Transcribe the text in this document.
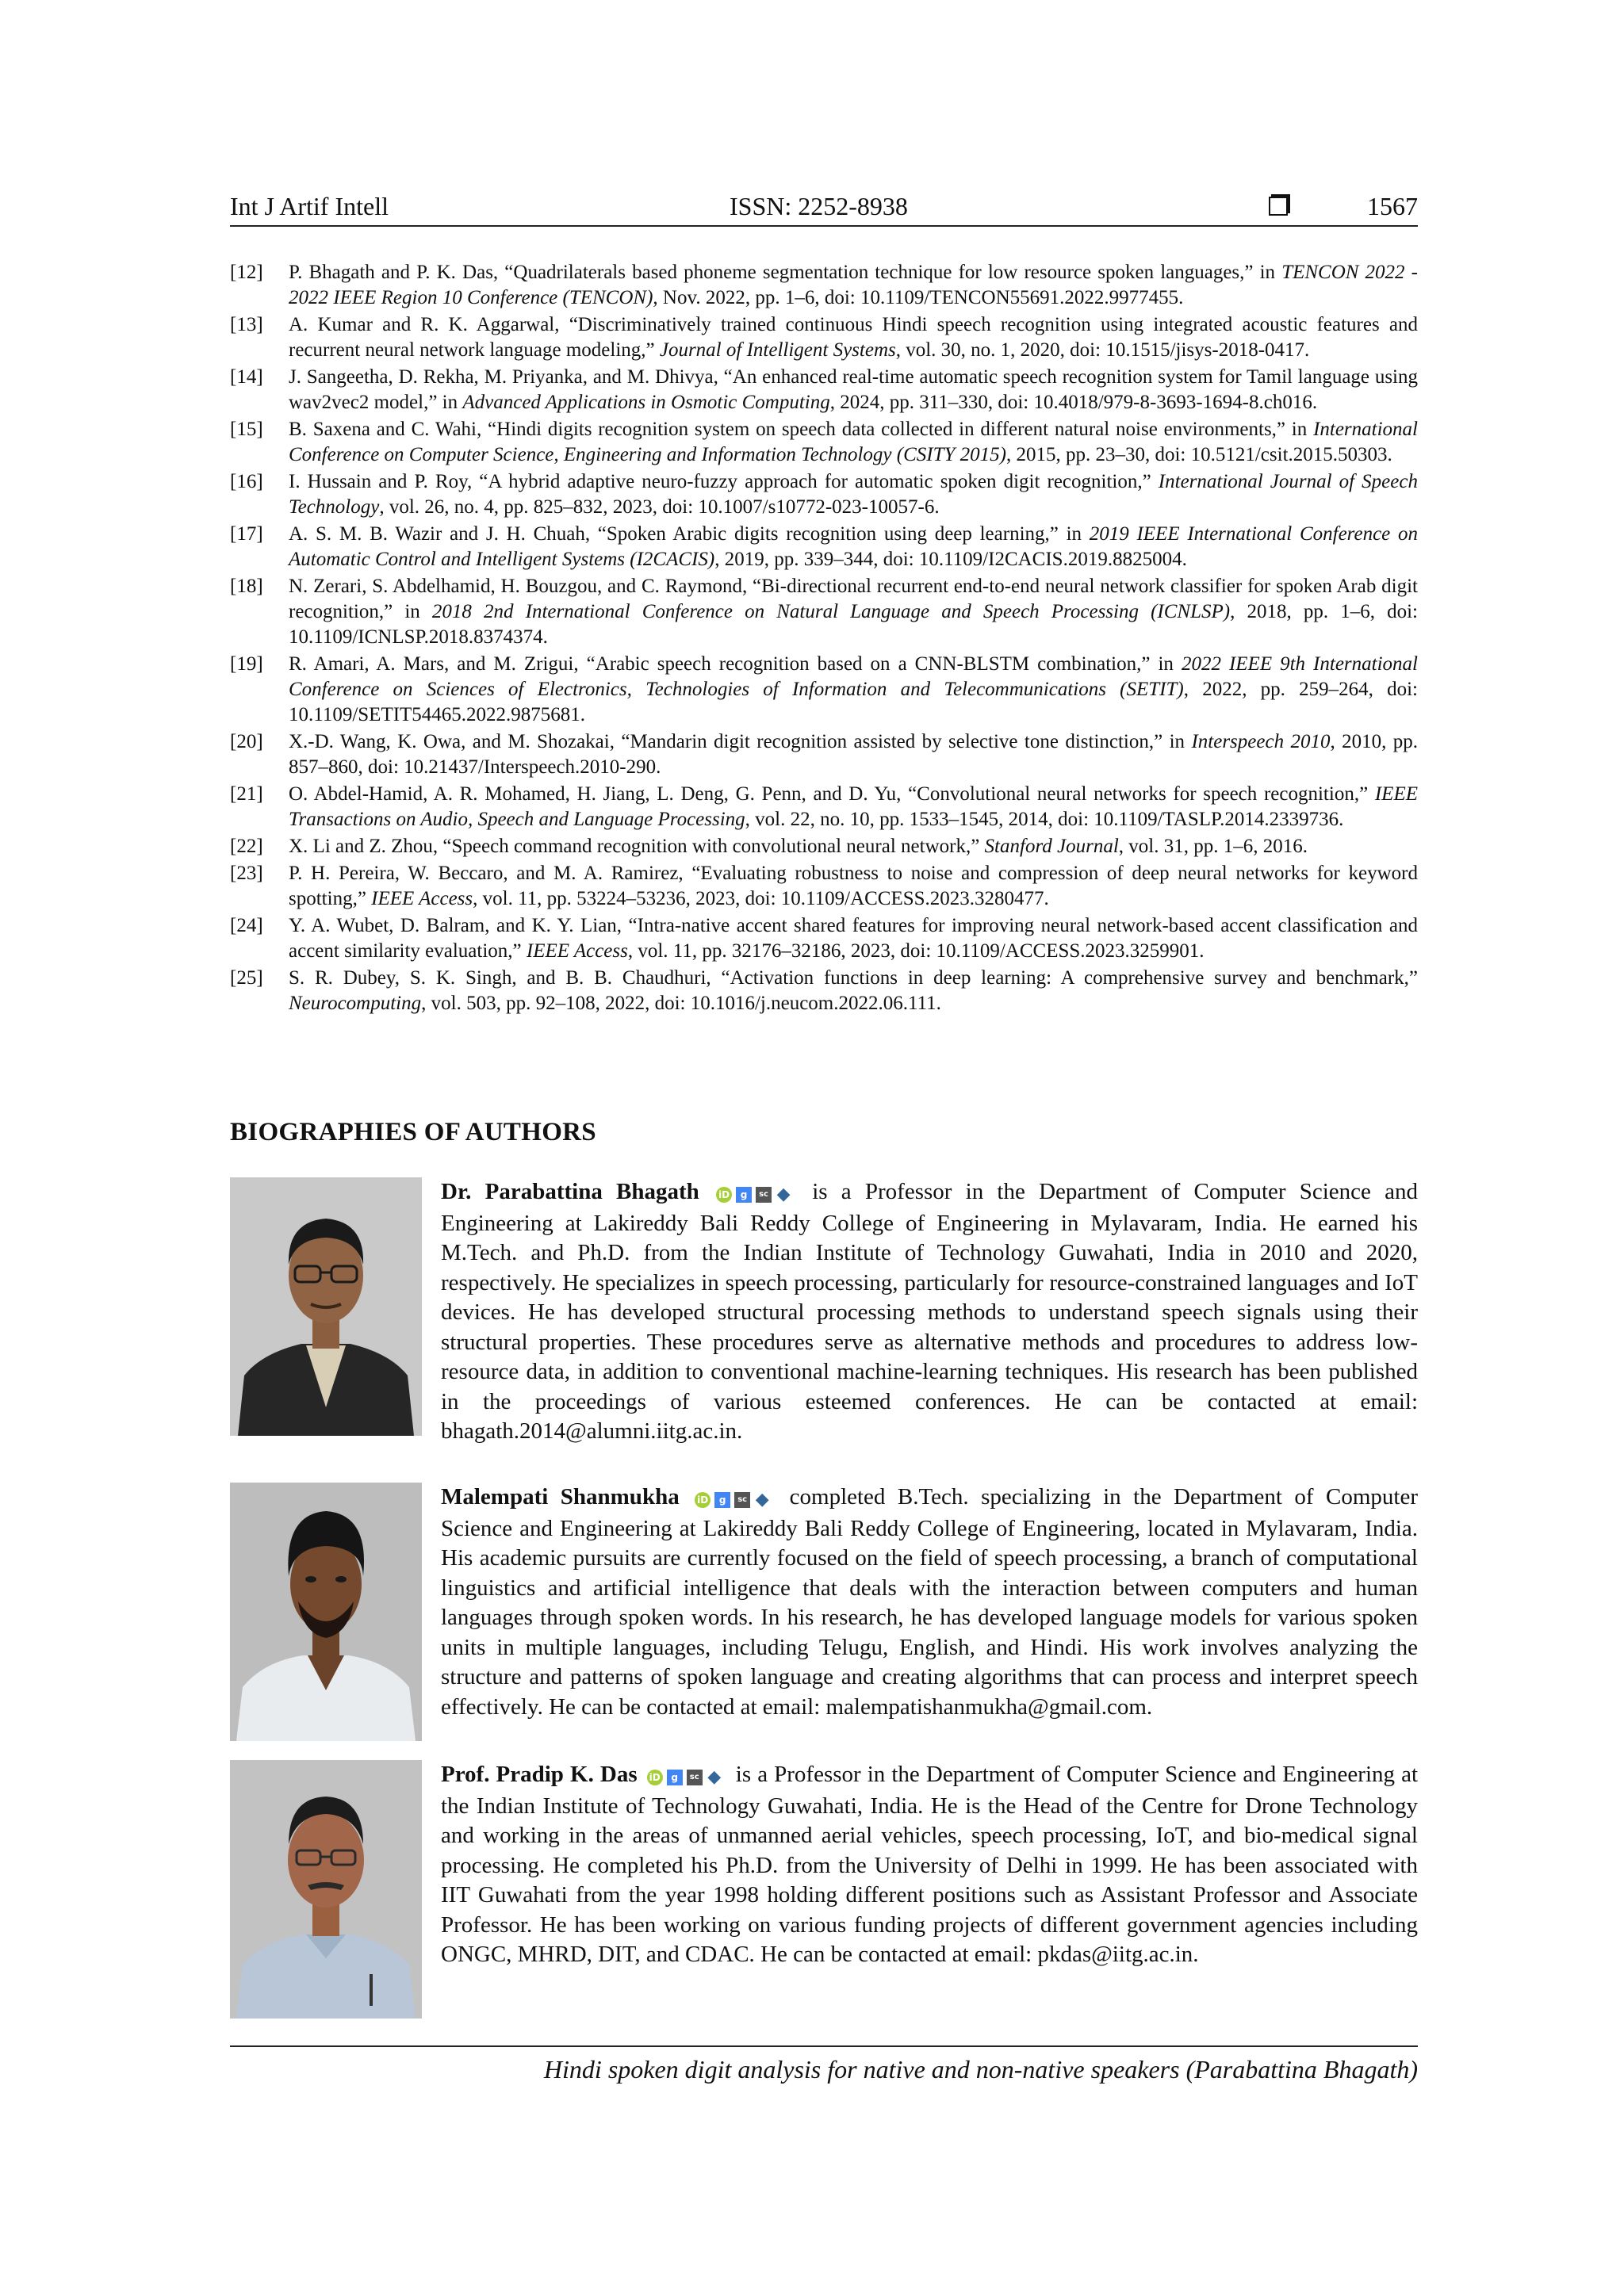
Int J Artif Intell	ISSN: 2252-8938	1567
[12] P. Bhagath and P. K. Das, “Quadrilaterals based phoneme segmentation technique for low resource spoken languages,” in TENCON 2022 - 2022 IEEE Region 10 Conference (TENCON), Nov. 2022, pp. 1–6, doi: 10.1109/TENCON55691.2022.9977455.
[13] A. Kumar and R. K. Aggarwal, “Discriminatively trained continuous Hindi speech recognition using integrated acoustic features and recurrent neural network language modeling,” Journal of Intelligent Systems, vol. 30, no. 1, 2020, doi: 10.1515/jisys-2018-0417.
[14] J. Sangeetha, D. Rekha, M. Priyanka, and M. Dhivya, “An enhanced real-time automatic speech recognition system for Tamil language using wav2vec2 model,” in Advanced Applications in Osmotic Computing, 2024, pp. 311–330, doi: 10.4018/979-8-3693-1694-8.ch016.
[15] B. Saxena and C. Wahi, “Hindi digits recognition system on speech data collected in different natural noise environments,” in International Conference on Computer Science, Engineering and Information Technology (CSITY 2015), 2015, pp. 23–30, doi: 10.5121/csit.2015.50303.
[16] I. Hussain and P. Roy, “A hybrid adaptive neuro-fuzzy approach for automatic spoken digit recognition,” International Journal of Speech Technology, vol. 26, no. 4, pp. 825–832, 2023, doi: 10.1007/s10772-023-10057-6.
[17] A. S. M. B. Wazir and J. H. Chuah, “Spoken Arabic digits recognition using deep learning,” in 2019 IEEE International Conference on Automatic Control and Intelligent Systems (I2CACIS), 2019, pp. 339–344, doi: 10.1109/I2CACIS.2019.8825004.
[18] N. Zerari, S. Abdelhamid, H. Bouzgou, and C. Raymond, “Bi-directional recurrent end-to-end neural network classifier for spoken Arab digit recognition,” in 2018 2nd International Conference on Natural Language and Speech Processing (ICNLSP), 2018, pp. 1–6, doi: 10.1109/ICNLSP.2018.8374374.
[19] R. Amari, A. Mars, and M. Zrigui, “Arabic speech recognition based on a CNN-BLSTM combination,” in 2022 IEEE 9th International Conference on Sciences of Electronics, Technologies of Information and Telecommunications (SETIT), 2022, pp. 259–264, doi: 10.1109/SETIT54465.2022.9875681.
[20] X.-D. Wang, K. Owa, and M. Shozakai, “Mandarin digit recognition assisted by selective tone distinction,” in Interspeech 2010, 2010, pp. 857–860, doi: 10.21437/Interspeech.2010-290.
[21] O. Abdel-Hamid, A. R. Mohamed, H. Jiang, L. Deng, G. Penn, and D. Yu, “Convolutional neural networks for speech recognition,” IEEE Transactions on Audio, Speech and Language Processing, vol. 22, no. 10, pp. 1533–1545, 2014, doi: 10.1109/TASLP.2014.2339736.
[22] X. Li and Z. Zhou, “Speech command recognition with convolutional neural network,” Stanford Journal, vol. 31, pp. 1–6, 2016.
[23] P. H. Pereira, W. Beccaro, and M. A. Ramirez, “Evaluating robustness to noise and compression of deep neural networks for keyword spotting,” IEEE Access, vol. 11, pp. 53224–53236, 2023, doi: 10.1109/ACCESS.2023.3280477.
[24] Y. A. Wubet, D. Balram, and K. Y. Lian, “Intra-native accent shared features for improving neural network-based accent classification and accent similarity evaluation,” IEEE Access, vol. 11, pp. 32176–32186, 2023, doi: 10.1109/ACCESS.2023.3259901.
[25] S. R. Dubey, S. K. Singh, and B. B. Chaudhuri, “Activation functions in deep learning: A comprehensive survey and benchmark,” Neurocomputing, vol. 503, pp. 92–108, 2022, doi: 10.1016/j.neucom.2022.06.111.
BIOGRAPHIES OF AUTHORS
Dr. Parabattina Bhagath iD g sc ◆ is a Professor in the Department of Computer Science and Engineering at Lakireddy Bali Reddy College of Engineering in Mylavaram, India. He earned his M.Tech. and Ph.D. from the Indian Institute of Technology Guwahati, India in 2010 and 2020, respectively. He specializes in speech processing, particularly for resource-constrained languages and IoT devices. He has developed structural processing methods to understand speech signals using their structural properties. These procedures serve as alternative methods and procedures to address low-resource data, in addition to conventional machine-learning techniques. His research has been published in the proceedings of various esteemed conferences. He can be contacted at email: bhagath.2014@alumni.iitg.ac.in.
Malempati Shanmukha iD g sc ◆ completed B.Tech. specializing in the Department of Computer Science and Engineering at Lakireddy Bali Reddy College of Engineering, located in Mylavaram, India. His academic pursuits are currently focused on the field of speech processing, a branch of computational linguistics and artificial intelligence that deals with the interaction between computers and human languages through spoken words. In his research, he has developed language models for various spoken units in multiple languages, including Telugu, English, and Hindi. His work involves analyzing the structure and patterns of spoken language and creating algorithms that can process and interpret speech effectively. He can be contacted at email: malempatishanmukha@gmail.com.
Prof. Pradip K. Das iD g sc ◆ is a Professor in the Department of Computer Science and Engineering at the Indian Institute of Technology Guwahati, India. He is the Head of the Centre for Drone Technology and working in the areas of unmanned aerial vehicles, speech processing, IoT, and bio-medical signal processing. He completed his Ph.D. from the University of Delhi in 1999. He has been associated with IIT Guwahati from the year 1998 holding different positions such as Assistant Professor and Associate Professor. He has been working on various funding projects of different government agencies including ONGC, MHRD, DIT, and CDAC. He can be contacted at email: pkdas@iitg.ac.in.
Hindi spoken digit analysis for native and non-native speakers (Parabattina Bhagath)
